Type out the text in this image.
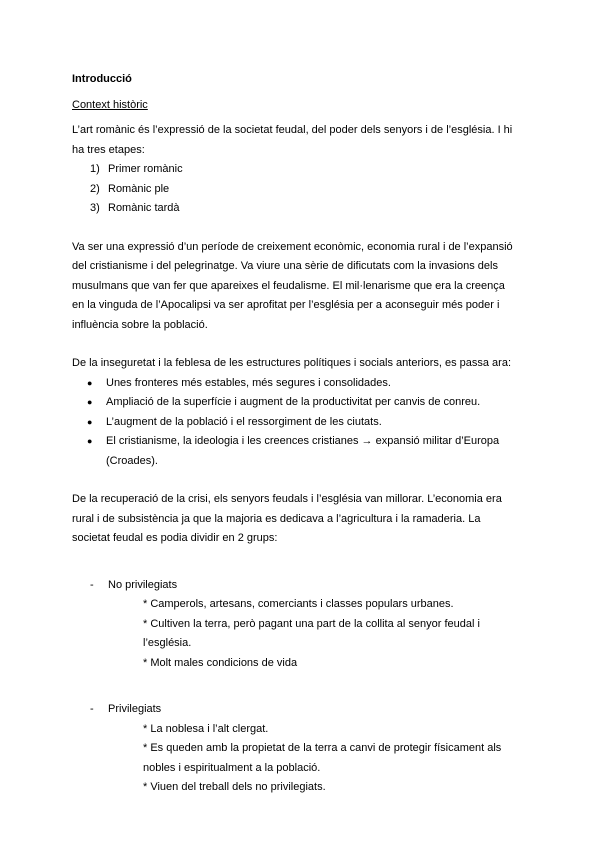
Introducció

Context històric

L’art romànic és l’expressió de la societat feudal, del poder dels senyors i de l’església. I hi ha tres etapes:

1) Primer romànic
2) Romànic ple
3) Romànic tardà

Va ser una expressió d’un període de creixement econòmic, economia rural i de l’expansió del cristianisme i del pelegrinatge. Va viure una sèrie de dificutats com la invasions dels musulmans que van fer que apareixes el feudalisme. El mil·lenarisme que era la creença en la vinguda de l’Apocalipsi va ser aprofitat per l’església per a aconseguir més poder i influència sobre la població.

De la inseguretat i la feblesa de les estructures polítiques i socials anteriors, es passa ara:

● Unes fronteres més estables, més segures i consolidades.
● Ampliació de la superfície i augment de la productivitat per canvis de conreu.
● L’augment de la població i el ressorgiment de les ciutats.
● El cristianisme, la ideologia i les creences cristianes → expansió militar d’Europa (Croades).

De la recuperació de la crisi, els senyors feudals i l’església van millorar. L’economia era rural i de subsistència ja que la majoria es dedicava a l’agricultura i la ramaderia. La societat feudal es podia dividir en 2 grups:

- No privilegiats

* Camperols, artesans, comerciants i classes populars urbanes.

* Cultiven la terra, però pagant una part de la collita al senyor feudal i l’església.

* Molt males condicions de vida

- Privilegiats

* La noblesa i l’alt clergat.

* Es queden amb la propietat de la terra a canvi de protegir físicament als nobles i espiritualment a la població.

* Viuen del treball dels no privilegiats.
